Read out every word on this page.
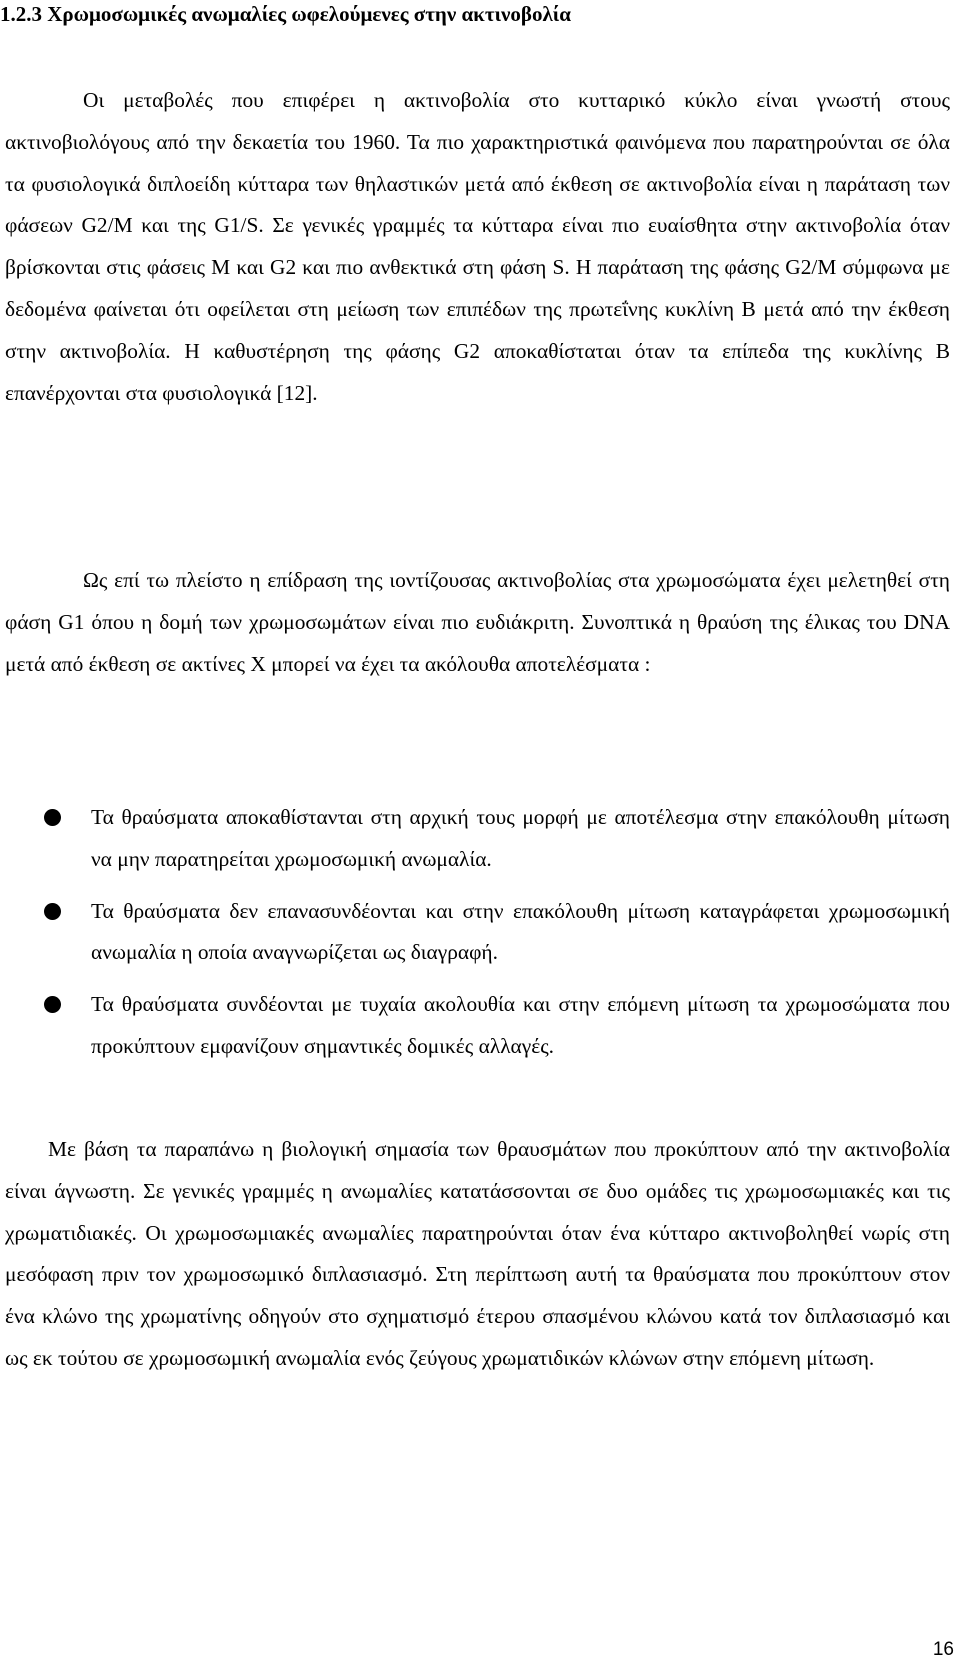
1.2.3 Χρωμοσωμικές ανωμαλίες ωφελούμενες στην ακτινοβολία

Οι μεταβολές που επιφέρει η ακτινοβολία στο κυτταρικό κύκλο είναι γνωστή στους ακτινοβιολόγους από την δεκαετία του 1960. Τα πιο χαρακτηριστικά φαινόμενα που παρατηρούνται σε όλα τα φυσιολογικά διπλοείδη κύτταρα των θηλαστικών μετά από έκθεση σε ακτινοβολία είναι η παράταση των φάσεων G2/M και της G1/S. Σε γενικές γραμμές τα κύτταρα είναι πιο ευαίσθητα στην ακτινοβολία όταν βρίσκονται στις φάσεις Μ και G2 και πιο ανθεκτικά στη φάση S. Η παράταση της φάσης G2/M σύμφωνα με δεδομένα φαίνεται ότι οφείλεται στη μείωση των επιπέδων της πρωτεΐνης κυκλίνη Β μετά από την έκθεση στην ακτινοβολία. Η καθυστέρηση της φάσης G2 αποκαθίσταται όταν τα επίπεδα της κυκλίνης Β επανέρχονται στα φυσιολογικά [12].

Ως επί τω πλείστο η επίδραση της ιοντίζουσας ακτινοβολίας στα χρωμοσώματα έχει μελετηθεί στη φάση G1 όπου η δομή των χρωμοσωμάτων είναι πιο ευδιάκριτη. Συνοπτικά η θραύση της έλικας του DNA μετά από έκθεση σε ακτίνες Χ μπορεί να έχει τα ακόλουθα αποτελέσματα :

Τα θραύσματα αποκαθίστανται στη αρχική τους μορφή με αποτέλεσμα στην επακόλουθη μίτωση να μην παρατηρείται χρωμοσωμική ανωμαλία.
Τα θραύσματα δεν επανασυνδέονται και στην επακόλουθη μίτωση καταγράφεται χρωμοσωμική ανωμαλία η οποία αναγνωρίζεται ως διαγραφή.
Τα θραύσματα συνδέονται με τυχαία ακολουθία και στην επόμενη μίτωση τα χρωμοσώματα που προκύπτουν εμφανίζουν σημαντικές δομικές αλλαγές.

Με βάση τα παραπάνω η βιολογική σημασία των θραυσμάτων που προκύπτουν από την ακτινοβολία είναι άγνωστη. Σε γενικές γραμμές η ανωμαλίες κατατάσσονται σε δυο ομάδες τις χρωμοσωμιακές και τις χρωματιδιακές. Οι χρωμοσωμιακές ανωμαλίες παρατηρούνται όταν ένα κύτταρο ακτινοβοληθεί νωρίς στη μεσόφαση πριν τον χρωμοσωμικό διπλασιασμό. Στη περίπτωση αυτή τα θραύσματα που προκύπτουν στον ένα κλώνο της χρωματίνης οδηγούν στο σχηματισμό έτερου σπασμένου κλώνου κατά τον διπλασιασμό και ως εκ τούτου σε χρωμοσωμική ανωμαλία ενός ζεύγους χρωματιδικών κλώνων στην επόμενη μίτωση.

16
